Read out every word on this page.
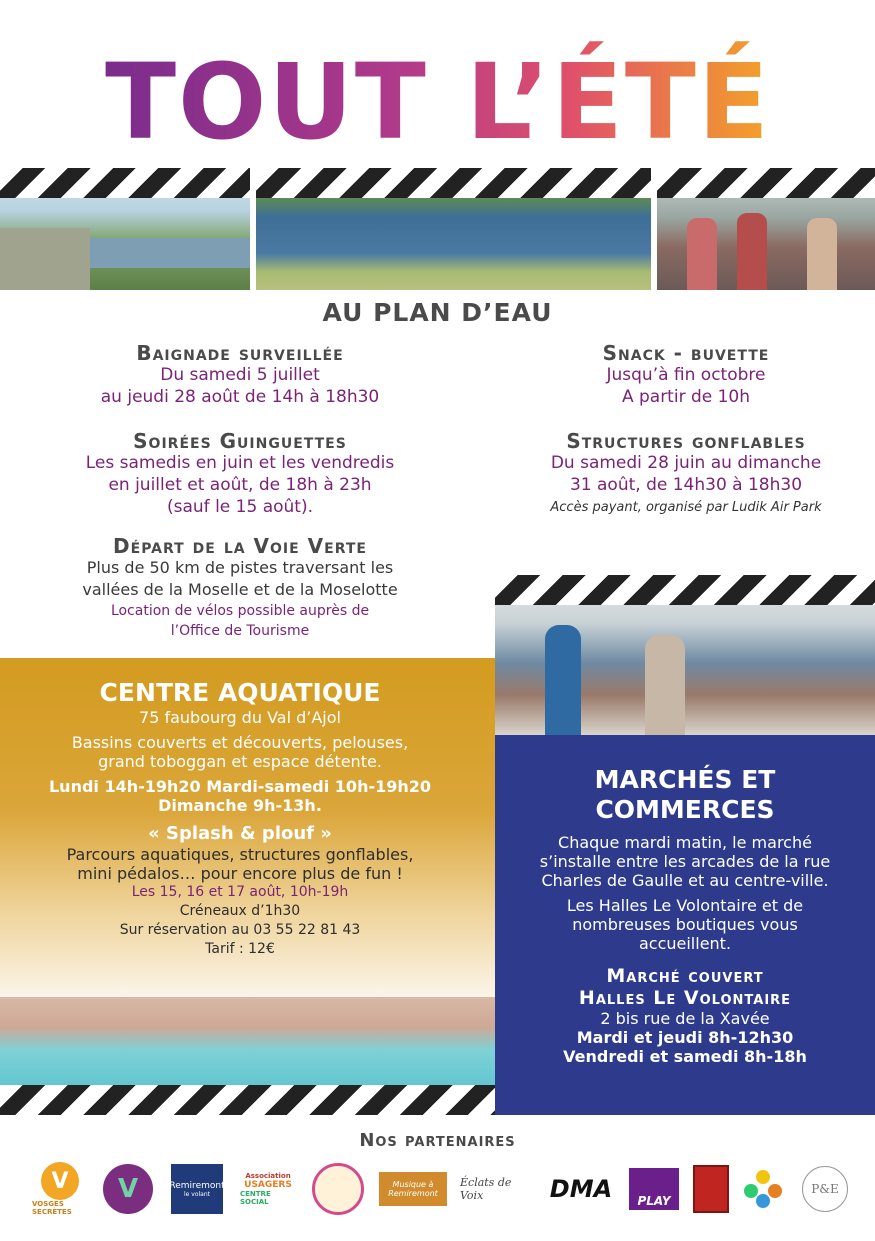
TOUT L’ÉTÉ
AU PLAN D’EAU

Baignade surveillée

Du samedi 5 juillet

au jeudi 28 août de 14h à 18h30

Snack - buvette

Jusqu’à fin octobre

A partir de 10h

Soirées Guinguettes

Les samedis en juin et les vendredis

en juillet et août, de 18h à 23h

(sauf le 15 août).

Structures gonflables

Du samedi 28 juin au dimanche

31 août, de 14h30 à 18h30

Accès payant, organisé par Ludik Air Park

Départ de la Voie Verte

Plus de 50 km de pistes traversant les

vallées de la Moselle et de la Moselotte

Location de vélos possible auprès de

l’Office de Tourisme

CENTRE AQUATIQUE

75 faubourg du Val d’Ajol

Bassins couverts et découverts, pelouses,

grand toboggan et espace détente.

Lundi 14h-19h20 Mardi-samedi 10h-19h20

Dimanche 9h-13h.

« Splash & plouf »

Parcours aquatiques, structures gonflables,

mini pédalos… pour encore plus de fun !

Les 15, 16 et 17 août, 10h-19h

Créneaux d’1h30

Sur réservation au 03 55 22 81 43

Tarif : 12€

MARCHÉS ET

COMMERCES

Chaque mardi matin, le marché

s’installe entre les arcades de la rue

Charles de Gaulle et au centre-ville.

Les Halles Le Volontaire et de

nombreuses boutiques vous

accueillent.

Marché couvert

Halles Le Volontaire

2 bis rue de la Xavée

Mardi et jeudi 8h-12h30

Vendredi et samedi 8h-18h

Nos partenaires

V
VOSGES SECRÈTES
V	Remiremont
le volant
Association
USAGERS
CENTRE SOCIAL
Musique à Remiremont
Éclats de Voix	DMA	PLAY
P&E
